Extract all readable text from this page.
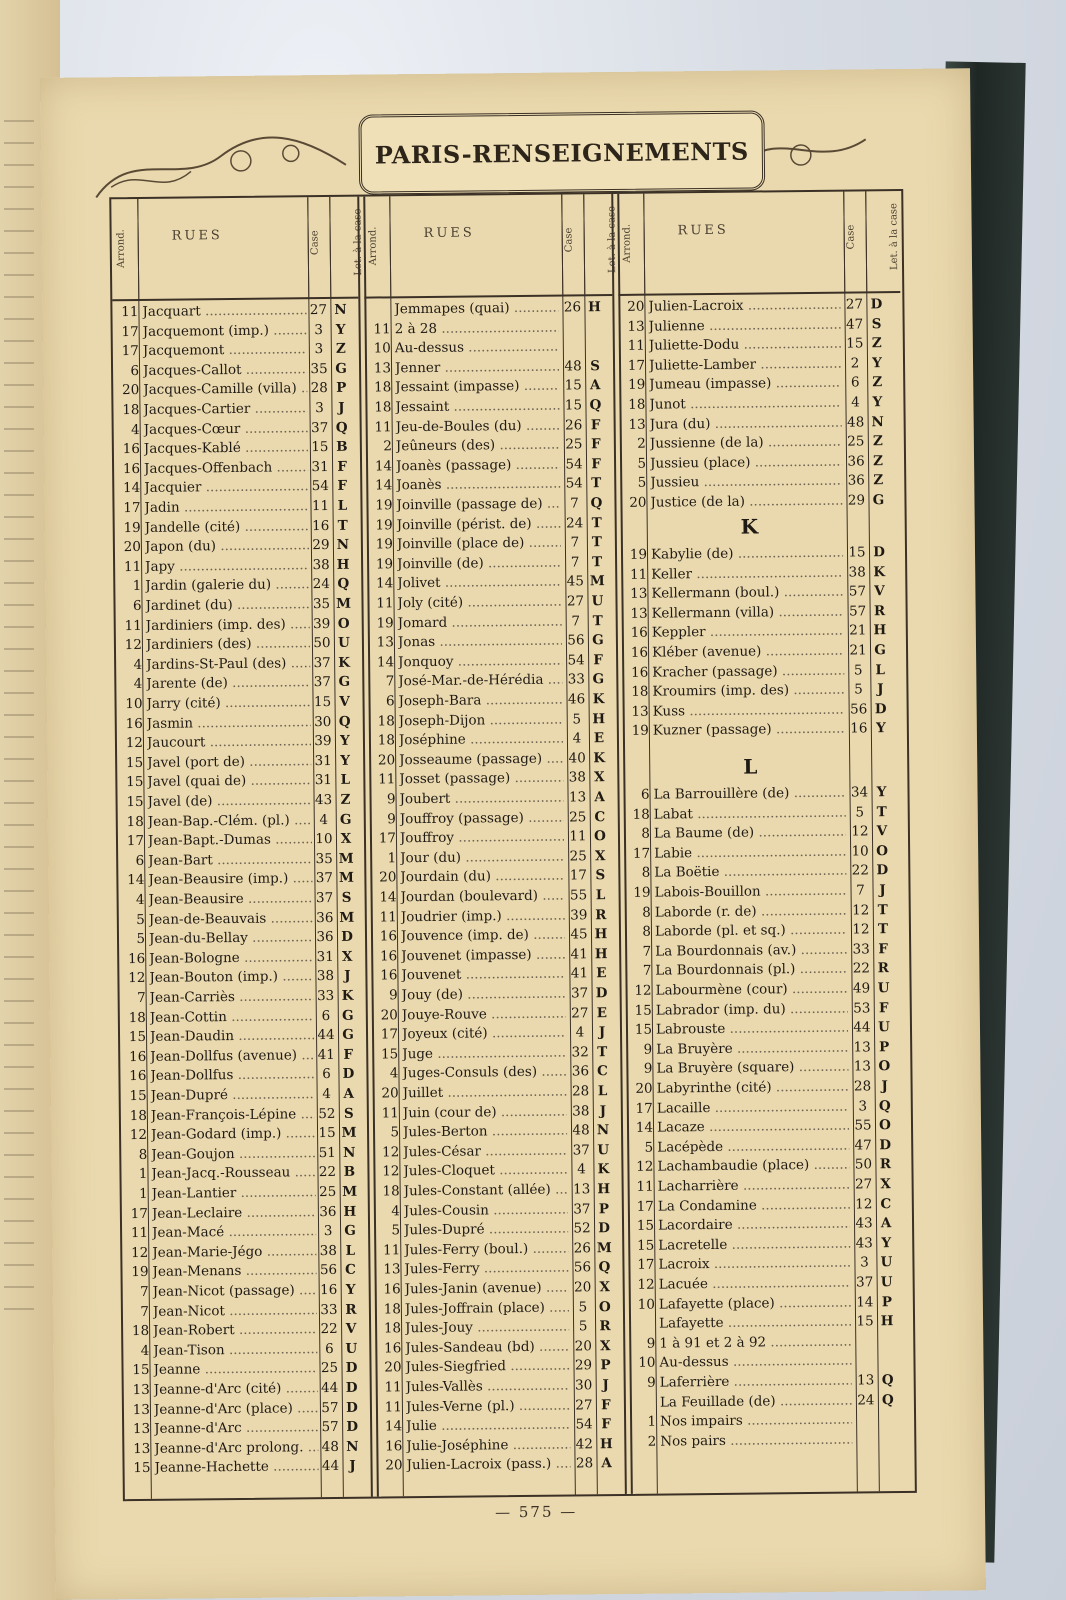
PARIS-RENSEIGNEMENTS
Arrond.	RUES	Case	Let. à la case
11 Jacquart .....	27 N
17 Jacquemont (imp.) .....	3 Y
17 Jacquemont .....	3 Z
6 Jacques-Callot .....	35 G
20 Jacques-Camille (villa) .....	28 P
18 Jacques-Cartier .....	3	J
4 Jacques-Cœur .....	37 Q
16 Jacques-Kablé .....	15 B
16 Jacques-Offenbach .....	31 F
14 Jacquier .....	54 F
17 Jadin .....	11 L
19 Jandelle (cité) .....	16 T
20 Japon (du) .....	29 N
11 Japy .....	38 H
1 Jardin (galerie du) .....	24 Q
6 Jardinet (du) .....	35 M
11 Jardiniers (imp. des) .....	39 O
12 Jardiniers (des) .....	50 U
4 Jardins-St-Paul (des) .....	37 K
4 Jarente (de) .....	37 G
10 Jarry (cité) .....	15 V
16 Jasmin .....	30 Q
12 Jaucourt .....	39 Y
15 Javel (port de) .....	31 Y
15 Javel (quai de) .....	31 L
15 Javel (de) .....	43 Z
18 Jean-Bap.-Clém. (pl.) .....	4 G
17 Jean-Bapt.-Dumas .....	10 X
6 Jean-Bart .....	35 M
14 Jean-Beausire (imp.) .....	37 M
4 Jean-Beausire .....	37 S
5 Jean-de-Beauvais .....	36 M
5 Jean-du-Bellay .....	36 D
16 Jean-Bologne .....	31 X
12 Jean-Bouton (imp.) .....	38 J
7 Jean-Carriès .....	33 K
18 Jean-Cottin .....	6 G
15 Jean-Daudin .....	44 G
16 Jean-Dollfus (avenue) .....	41 F
16 Jean-Dollfus .....	6 D
15 Jean-Dupré .....	4 A
18 Jean-François-Lépine .....	52 S
12 Jean-Godard (imp.) .....	15 M
8 Jean-Goujon .....	51 N
1 Jean-Jacq.-Rousseau .....	22 B
1 Jean-Lantier .....	25 M
17 Jean-Leclaire .....	36 H
11 Jean-Macé .....	3 G
12 Jean-Marie-Jégo .....	38 L
19 Jean-Menans .....	56 C
7 Jean-Nicot (passage) .....	16 Y
7 Jean-Nicot .....	33 R
18 Jean-Robert .....	22 V
4 Jean-Tison .....	6 U
15 Jeanne .....	25 D
13 Jeanne-d'Arc (cité) .....	44 D
13 Jeanne-d'Arc (place) .....	57 D
13 Jeanne-d'Arc .....	57 D
13 Jeanne-d'Arc prolong. .....	48 N
15 Jeanne-Hachette .....	44 J
Arrond.	RUES	Case	Let. à la case
Jemmapes (quai) .....	26 H
11 2 à 28 .....
10 Au-dessus .....
13 Jenner .....	48 S
18 Jessaint (impasse) .....	15 A
18 Jessaint .....	15 Q
11 Jeu-de-Boules (du) .....	26 F
2 Jeûneurs (des) .....	25 F
14 Joanès (passage) .....	54 F
14 Joanès .....	54 T
19 Joinville (passage de) .....	7 Q
19 Joinville (périst. de) .....	24 T
19 Joinville (place de) .....	7 T
19 Joinville (de) .....	7 T
14 Jolivet .....	45 M
11 Joly (cité) .....	27 U
19 Jomard .....	7 T
13 Jonas .....	56 G
14 Jonquoy .....	54 F
7 José-Mar.-de-Hérédia .....	33 G
6 Joseph-Bara .....	46 K
18 Joseph-Dijon .....	5 H
18 Joséphine .....	4 E
20 Josseaume (passage) .....	40 K
11 Josset (passage) .....	38 X
9 Joubert .....	13 A
9 Jouffroy (passage) .....	25 C
17 Jouffroy .....	11 O
1 Jour (du) .....	25 X
20 Jourdain (du) .....	17 S
14 Jourdan (boulevard) .....	55 L
11 Joudrier (imp.) .....	39 R
16 Jouvence (imp. de) .....	45 H
16 Jouvenet (impasse) .....	41 H
16 Jouvenet .....	41 E
9 Jouy (de) .....	37 D
20 Jouye-Rouve .....	27 E
17 Joyeux (cité) .....	4	J
15 Juge .....	32 T
4 Juges-Consuls (des) .....	36 C
20 Juillet .....	28 L
11 Juin (cour de) .....	38 J
5 Jules-Berton .....	48 N
12 Jules-César .....	37 U
12 Jules-Cloquet .....	4 K
18 Jules-Constant (allée) .....	13 H
4 Jules-Cousin .....	37 P
5 Jules-Dupré .....	52 D
11 Jules-Ferry (boul.) .....	26 M
13 Jules-Ferry .....	56 Q
16 Jules-Janin (avenue) .....	20 X
18 Jules-Joffrain (place) .....	5 O
18 Jules-Jouy .....	5 R
16 Jules-Sandeau (bd) .....	20 X
20 Jules-Siegfried .....	29 P
11 Jules-Vallès .....	30 J
11 Jules-Verne (pl.) .....	27 F
14 Julie .....	54 F
16 Julie-Joséphine .....	42 H
20 Julien-Lacroix (pass.) .....	28 A
Arrond.	RUES	Case	Let. à la case
20 Julien-Lacroix .....	27 D
13 Julienne .....	47 S
11 Juliette-Dodu .....	15 Z
17 Juliette-Lamber .....	2 Y
19 Jumeau (impasse) .....	6 Z
18 Junot .....	4 Y
13 Jura (du) .....	48 N
2 Jussienne (de la) .....	25 Z
5 Jussieu (place) .....	36 Z
5 Jussieu .....	36 Z
20 Justice (de la) .....	29 G
K
19 Kabylie (de) .....	15 D
11 Keller .....	38 K
13 Kellermann (boul.) .....	57 V
13 Kellermann (villa) .....	57 R
16 Keppler .....	21 H
16 Kléber (avenue) .....	21 G
16 Kracher (passage) .....	5 L
18 Kroumirs (imp. des) .....	5	J
13 Kuss .....	56 D
19 Kuzner (passage) .....	16 Y
L
6 La Barrouillère (de) .....	34 Y
18 Labat .....	5 T
8 La Baume (de) .....	12 V
17 Labie .....	10 O
8 La Boëtie .....	22 D
19 Labois-Bouillon .....	7	J
8 Laborde (r. de) .....	12 T
8 Laborde (pl. et sq.) .....	12 T
7 La Bourdonnais (av.) .....	33 F
7 La Bourdonnais (pl.) .....	22 R
12 Labourmène (cour) .....	49 U
15 Labrador (imp. du) .....	53 F
15 Labrouste .....	44 U
9 La Bruyère .....	13 P
9 La Bruyère (square) .....	13 O
20 Labyrinthe (cité) .....	28 J
17 Lacaille .....	3 Q
14 Lacaze .....	55 O
5 Lacépède .....	47 D
12 Lachambaudie (place) .....	50 R
11 Lacharrière .....	27 X
17 La Condamine .....	12 C
15 Lacordaire .....	43 A
15 Lacretelle .....	43 Y
17 Lacroix .....	3 U
12 Lacuée .....	37 U
10 Lafayette (place) .....	14 P
Lafayette .....	15 H
9 1 à 91 et 2 à 92 .....
10 Au-dessus .....
9 Laferrière .....	13 Q
La Feuillade (de) .....	24 Q
1 Nos impairs .....
2 Nos pairs .....
— 575 —
